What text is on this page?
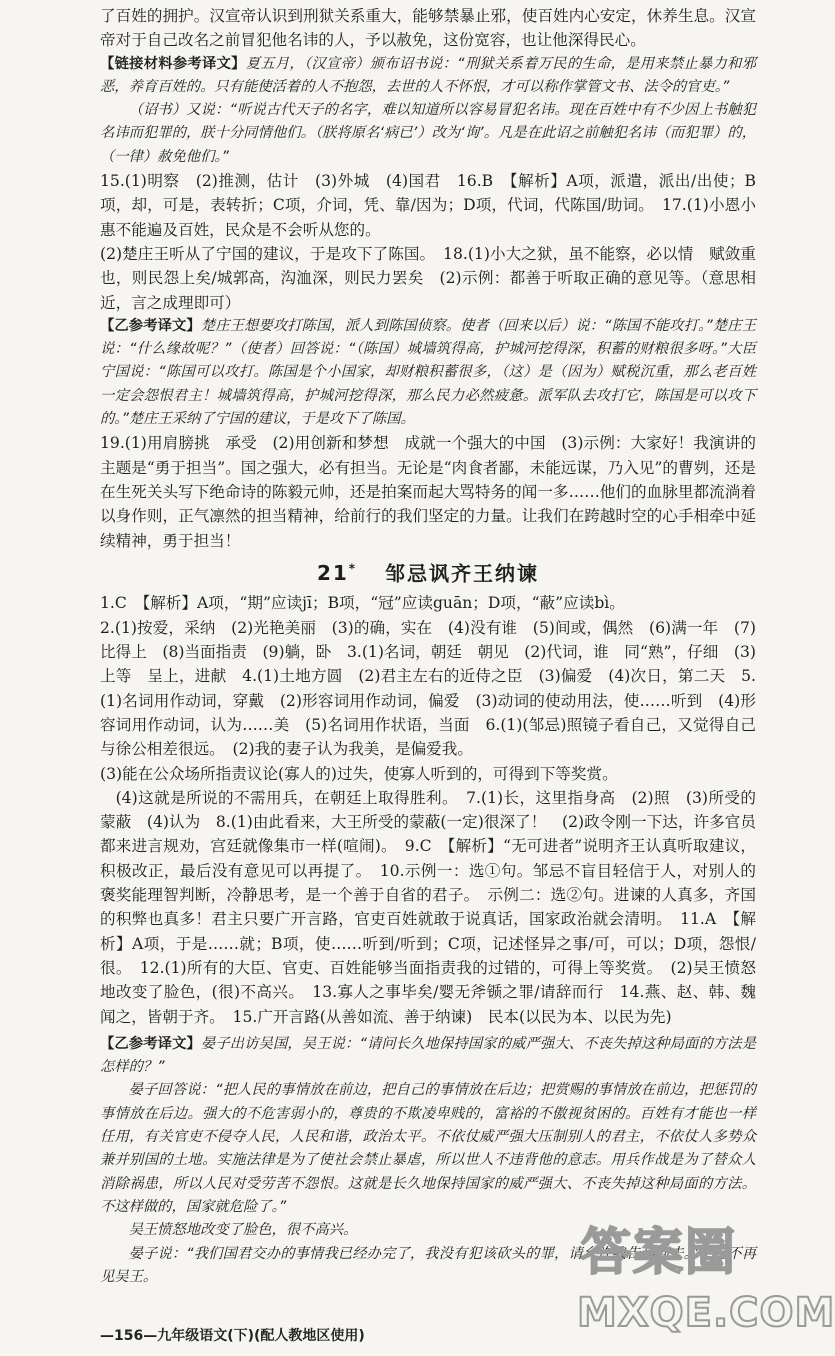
了百姓的拥护。汉宣帝认识到刑狱关系重大，能够禁暴止邪，使百姓内心安定，休养生息。汉宣帝对于自己改名之前冒犯他名讳的人，予以赦免，这份宽容，也让他深得民心。

【链接材料参考译文】夏五月，（汉宣帝）颁布诏书说：“刑狱关系着万民的生命，是用来禁止暴力和邪恶，养育百姓的。只有能使活着的人不抱怨，去世的人不怀恨，才可以称作掌管文书、法令的官吏。”

（诏书）又说：“听说古代天子的名字，难以知道所以容易冒犯名讳。现在百姓中有不少因上书触犯名讳而犯罪的，朕十分同情他们。（朕将原名‘病已’）改为‘询’。凡是在此诏之前触犯名讳（而犯罪）的，（一律）赦免他们。”

15.(1)明察　(2)推测，估计　(3)外城　(4)国君　16.B　【解析】A项，派遣，派出/出使；B项，却，可是，表转折；C项，介词，凭、靠/因为；D项，代词，代陈国/助词。　17.(1)小恩小惠不能遍及百姓，民众是不会听从您的。

(2)楚庄王听从了宁国的建议，于是攻下了陈国。　18.(1)小大之狱，虽不能察，必以情　赋敛重也，则民怨上矣/城郭高，沟洫深，则民力罢矣　(2)示例：都善于听取正确的意见等。（意思相近，言之成理即可）

【乙参考译文】楚庄王想要攻打陈国，派人到陈国侦察。使者（回来以后）说：“陈国不能攻打。”楚庄王说：“什么缘故呢？”（使者）回答说：“（陈国）城墙筑得高，护城河挖得深，积蓄的财粮很多呀。”大臣宁国说：“陈国可以攻打。陈国是个小国家，却财粮积蓄很多，（这）是（因为）赋税沉重，那么老百姓一定会怨恨君主！城墙筑得高，护城河挖得深，那么民力必然疲惫。派军队去攻打它，陈国是可以攻下的。”楚庄王采纳了宁国的建议，于是攻下了陈国。

19.(1)用肩膀挑　承受　(2)用创新和梦想　成就一个强大的中国　(3)示例：大家好！我演讲的主题是“勇于担当”。国之强大，必有担当。无论是“肉食者鄙，未能远谋，乃入见”的曹刿，还是在生死关头写下绝命诗的陈毅元帅，还是拍案而起大骂特务的闻一多……他们的血脉里都流淌着以身作则，正气凛然的担当精神，给前行的我们坚定的力量。让我们在跨越时空的心手相牵中延续精神，勇于担当！

21* 邹忌讽齐王纳谏

1.C　【解析】A项，“期”应读jī；B项，“冠”应读guān；D项，“蔽”应读bì。

2.(1)按爱，采纳　(2)光艳美丽　(3)的确，实在　(4)没有谁　(5)间或，偶然　(6)满一年　(7)比得上　(8)当面指责　(9)躺，卧　3.(1)名词，朝廷　朝见　(2)代词，谁　同“熟”，仔细　(3)上等　呈上，进献　4.(1)土地方圆　(2)君主左右的近侍之臣　(3)偏爱　(4)次日，第二天　5.(1)名词用作动词，穿戴　(2)形容词用作动词，偏爱　(3)动词的使动用法，使……听到　(4)形容词用作动词，认为……美　(5)名词用作状语，当面　6.(1)(邹忌)照镜子看自己，又觉得自己与徐公相差很远。　(2)我的妻子认为我美，是偏爱我。

(3)能在公众场所指责议论(寡人的)过失，使寡人听到的，可得到下等奖赏。

(4)这就是所说的不需用兵，在朝廷上取得胜利。　7.(1)长，这里指身高　(2)照　(3)所受的蒙蔽　(4)认为　8.(1)由此看来，大王所受的蒙蔽(一定)很深了！　(2)政令刚一下达，许多官员都来进言规劝，宫廷就像集市一样(喧闹)。　9.C　【解析】“无可进者”说明齐王认真听取建议，积极改正，最后没有意见可以再提了。　10.示例一：选①句。邹忌不盲目轻信于人，对别人的褒奖能理智判断，冷静思考，是一个善于自省的君子。　示例二：选②句。进谏的人真多，齐国的积弊也真多！君主只要广开言路，官吏百姓就敢于说真话，国家政治就会清明。　11.A　【解析】A项，于是……就；B项，使……听到/听到；C项，记述怪异之事/可，可以；D项，怨恨/很。　12.(1)所有的大臣、官吏、百姓能够当面指责我的过错的，可得上等奖赏。　(2)吴王愤怒地改变了脸色，(很)不高兴。　13.寡人之事毕矣/婴无斧锧之罪/请辞而行　14.燕、赵、韩、魏闻之，皆朝于齐。　15.广开言路(从善如流、善于纳谏)　民本(以民为本、以民为先)

【乙参考译文】晏子出访吴国，吴王说：“请问长久地保持国家的威严强大、不丧失掉这种局面的方法是怎样的？”

晏子回答说：“把人民的事情放在前边，把自己的事情放在后边；把赏赐的事情放在前边，把惩罚的事情放在后边。强大的不危害弱小的，尊贵的不欺凌卑贱的，富裕的不傲视贫困的。百姓有才能也一样任用，有关官吏不侵夺人民，人民和谐，政治太平。不依仗威严强大压制别人的君主，不依仗人多势众兼并别国的土地。实施法律是为了使社会禁止暴虐，所以世人不违背他的意志。用兵作战是为了替众人消除祸患，所以人民对受劳苦不怨恨。这就是长久地保持国家的威严强大、不丧失掉这种局面的方法。不这样做的，国家就危险了。”

吴王愤怒地改变了脸色，很不高兴。

晏子说：“我们国君交办的事情我已经办完了，我没有犯该砍头的罪，请允许我告辞回去。”于是不再见吴王。

—156—九年级语文(下)(配人教地区使用)
答案圈
MXQE.COM
